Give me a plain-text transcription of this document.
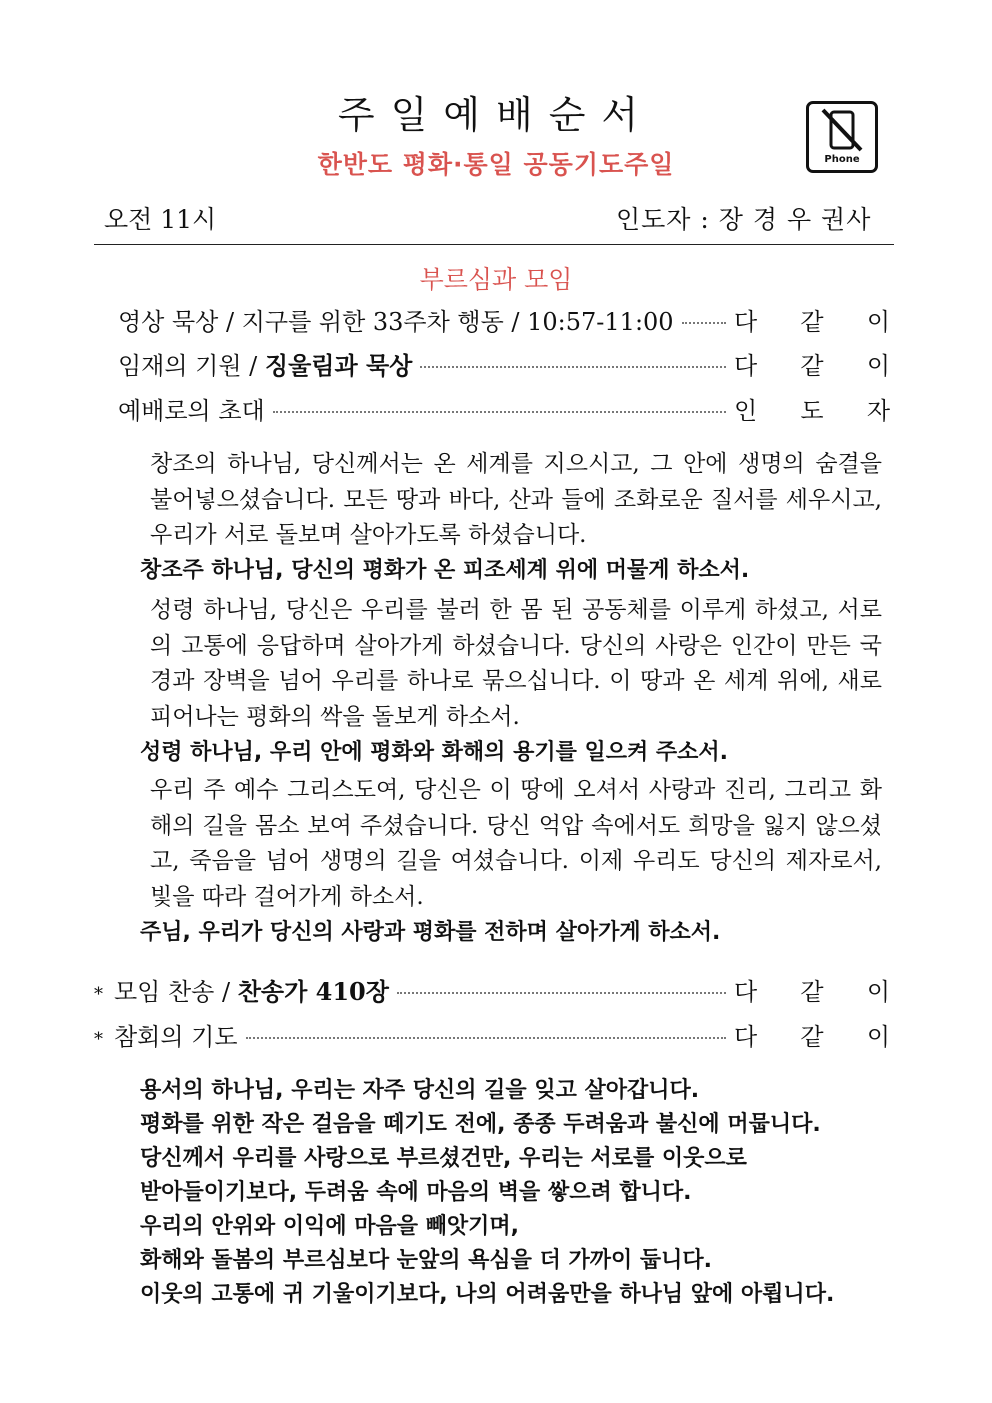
주일예배순서
한반도 평화·통일 공동기도주일	Phone
오전 11시	인도자 : 장 경 우 권사
부르심과 모임
영상 묵상 / 지구를 위한 33주차 행동 / 10:57-11:00	다 같 이
임재의 기원 / 징울림과 묵상	다 같 이
예배로의 초대	인 도 자
창조의 하나님, 당신께서는 온 세계를 지으시고, 그 안에 생명의 숨결을 불어넣으셨습니다. 모든 땅과 바다, 산과 들에 조화로운 질서를 세우시고, 우리가 서로 돌보며 살아가도록 하셨습니다.
창조주 하나님, 당신의 평화가 온 피조세계 위에 머물게 하소서.
성령 하나님, 당신은 우리를 불러 한 몸 된 공동체를 이루게 하셨고, 서로의 고통에 응답하며 살아가게 하셨습니다. 당신의 사랑은 인간이 만든 국경과 장벽을 넘어 우리를 하나로 묶으십니다. 이 땅과 온 세계 위에, 새로 피어나는 평화의 싹을 돌보게 하소서.
성령 하나님, 우리 안에 평화와 화해의 용기를 일으켜 주소서.
우리 주 예수 그리스도여, 당신은 이 땅에 오셔서 사랑과 진리, 그리고 화해의 길을 몸소 보여 주셨습니다. 당신 억압 속에서도 희망을 잃지 않으셨고, 죽음을 넘어 생명의 길을 여셨습니다. 이제 우리도 당신의 제자로서, 빛을 따라 걸어가게 하소서.
주님, 우리가 당신의 사랑과 평화를 전하며 살아가게 하소서.
* 모임 찬송 / 찬송가 410장	다 같 이
* 참회의 기도	다 같 이
용서의 하나님, 우리는 자주 당신의 길을 잊고 살아갑니다.
평화를 위한 작은 걸음을 떼기도 전에, 종종 두려움과 불신에 머뭅니다.
당신께서 우리를 사랑으로 부르셨건만, 우리는 서로를 이웃으로
받아들이기보다, 두려움 속에 마음의 벽을 쌓으려 합니다.
우리의 안위와 이익에 마음을 빼앗기며,
화해와 돌봄의 부르심보다 눈앞의 욕심을 더 가까이 둡니다.
이웃의 고통에 귀 기울이기보다, 나의 어려움만을 하나님 앞에 아룁니다.
